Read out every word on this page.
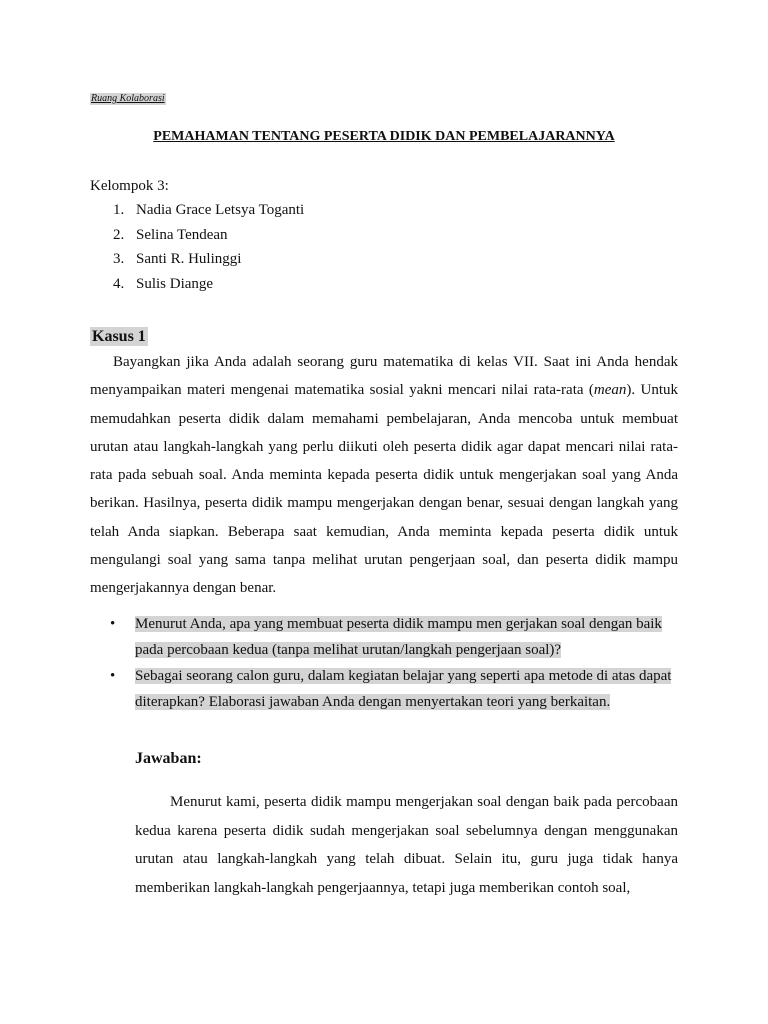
Ruang Kolaborasi
PEMAHAMAN TENTANG PESERTA DIDIK DAN PEMBELAJARANNYA
Kelompok 3:
1. Nadia Grace Letsya Toganti
2. Selina Tendean
3. Santi R. Hulinggi
4. Sulis Diange
Kasus 1

Bayangkan jika Anda adalah seorang guru matematika di kelas VII. Saat ini Anda hendak menyampaikan materi mengenai matematika sosial yakni mencari nilai rata-rata (mean). Untuk memudahkan peserta didik dalam memahami pembelajaran, Anda mencoba untuk membuat urutan atau langkah-langkah yang perlu diikuti oleh peserta didik agar dapat mencari nilai rata-rata pada sebuah soal. Anda meminta kepada peserta didik untuk mengerjakan soal yang Anda berikan. Hasilnya, peserta didik mampu mengerjakan dengan benar, sesuai dengan langkah yang telah Anda siapkan. Beberapa saat kemudian, Anda meminta kepada peserta didik untuk mengulangi soal yang sama tanpa melihat urutan pengerjaan soal, dan peserta didik mampu mengerjakannya dengan benar.

• Menurut Anda, apa yang membuat peserta didik mampu men gerjakan soal dengan baik pada percobaan kedua (tanpa melihat urutan/langkah pengerjaan soal)?
• Sebagai seorang calon guru, dalam kegiatan belajar yang seperti apa metode di atas dapat diterapkan? Elaborasi jawaban Anda dengan menyertakan teori yang berkaitan.
Jawaban:

Menurut kami, peserta didik mampu mengerjakan soal dengan baik pada percobaan kedua karena peserta didik sudah mengerjakan soal sebelumnya dengan menggunakan urutan atau langkah-langkah yang telah dibuat. Selain itu, guru juga tidak hanya memberikan langkah-langkah pengerjaannya, tetapi juga memberikan contoh soal,
